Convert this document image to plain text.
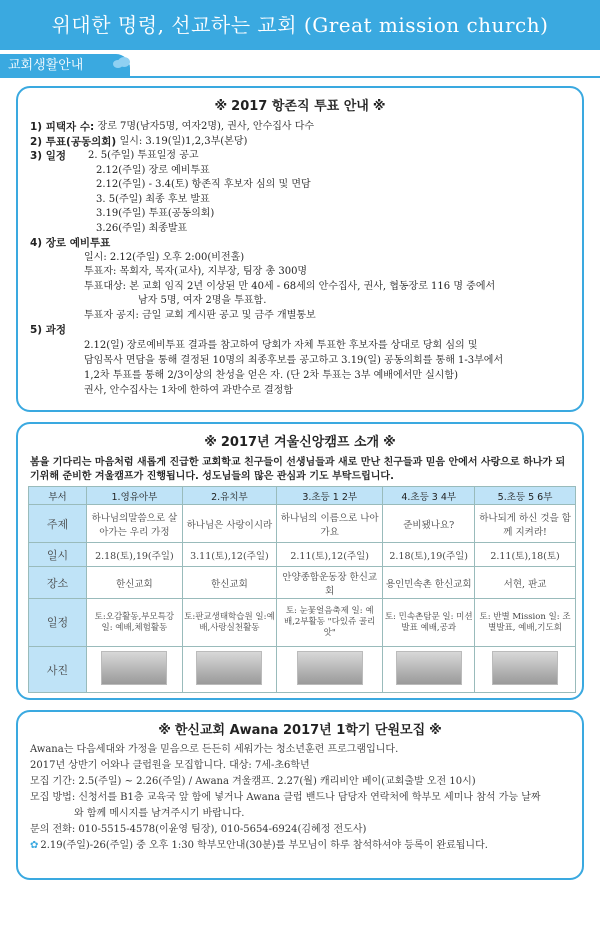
위대한 명령, 선교하는 교회 (Great mission church)
교회생활안내
※ 2017 항존직 투표 안내 ※
1) 피택자 수:
장로 7명(남자5명, 여자2명), 권사, 안수집사 다수
2) 투표(공동의회)
일시: 3.19(일)1,2,3부(본당)
3) 일정	2. 5(주일) 투표일정 공고
2.12(주일) 장로 예비투표
2.12(주일) - 3.4(토) 항존직 후보자 심의 및 면담
3. 5(주일) 최종 후보 발표
3.19(주일) 투표(공동의회)
3.26(주일) 최종발표
4) 장로 예비투표
일시: 2.12(주일) 오후 2:00(비전홀)
투표자: 목회자, 목자(교사), 지부장, 팀장 총 300명
투표대상: 본 교회 임직 2년 이상된 만 40세 - 68세의 안수집사, 권사, 협동장로 116 명 중에서
남자 5명, 여자 2명을 투표함.
투표자 공지: 금일 교회 게시판 공고 및 금주 개별통보
5) 과정
2.12(일) 장로예비투표 결과를 참고하여 당회가 자체 투표한 후보자를 상대로 당회 심의 및
담임목사 면담을 통해 결정된 10명의 최종후보를 공고하고 3.19(일) 공동의회를 통해 1-3부에서
1,2차 투표를 통해 2/3이상의 찬성을 얻은 자. (단 2차 투표는 3부 예배에서만 실시함)
권사, 안수집사는 1차에 한하여 과반수로 결정함
※ 2017년 겨울신앙캠프 소개 ※
봄을 기다리는 마음처럼 새롭게 진급한 교회학교 친구들이 선생님들과 새로 만난 친구들과 믿음 안에서 사랑으로 하나가 되기위해 준비한 겨울캠프가 진행됩니다. 성도님들의 많은 관심과 기도 부탁드립니다.
부서	1.영유아부	2.유치부	3.초등 1 2부	4.초등 3 4부	5.초등 5 6부
주제	하나님의말씀으로 살아가는 우리 가정	하나님은 사랑이시라	하나님의 이름으로 나아가요	준비됐나요?	하나되게 하신 것을 함께 지켜라!
일시	2.18(토),19(주일)	3.11(토),12(주일)	2.11(토),12(주일)	2.18(토),19(주일)	2.11(토),18(토)
장소	한신교회	한신교회	안양종합운동장 한신교회	용인민속촌 한신교회	서현, 판교
일정	토:오감활동,부모특강 일: 예배,체험활동	토:판교생태학습원 일:예배,사랑실천활동	토: 눈꽃얼음축제 일: 예배,2부활동 "다있쥬 골리앗"	토: 민속촌탐문 일: 미션발표 예배,공과	토: 반별 Mission 일: 조별발표, 예배,기도회
사진					
※ 한신교회 Awana 2017년 1학기 단원모집 ※
Awana는 다음세대와 가정을 믿음으로 든든히 세워가는 청소년훈련 프로그램입니다.
2017년 상반기 어와나 클럽원을 모집합니다. 대상: 7세-초6학년
모집 기간: 2.5(주일) ~ 2.26(주일) / Awana 겨울캠프. 2.27(월) 캐리비안 베이(교회출발 오전 10시)
모집 방법: 신청서를 B1층 교육국 앞 함에 넣거나 Awana 클럽 밴드나 담당자 연락처에 학부모 세미나 참석 가능 날짜
와 함께 메시지를 남겨주시기 바랍니다.
문의 전화: 010-5515-4578(이윤영 팀장), 010-5654-6924(김혜정 전도사)
✿ 2.19(주일)-26(주일) 중 오후 1:30 학부모안내(30분)를 부모님이 하루 참석하셔야 등록이 완료됩니다.
